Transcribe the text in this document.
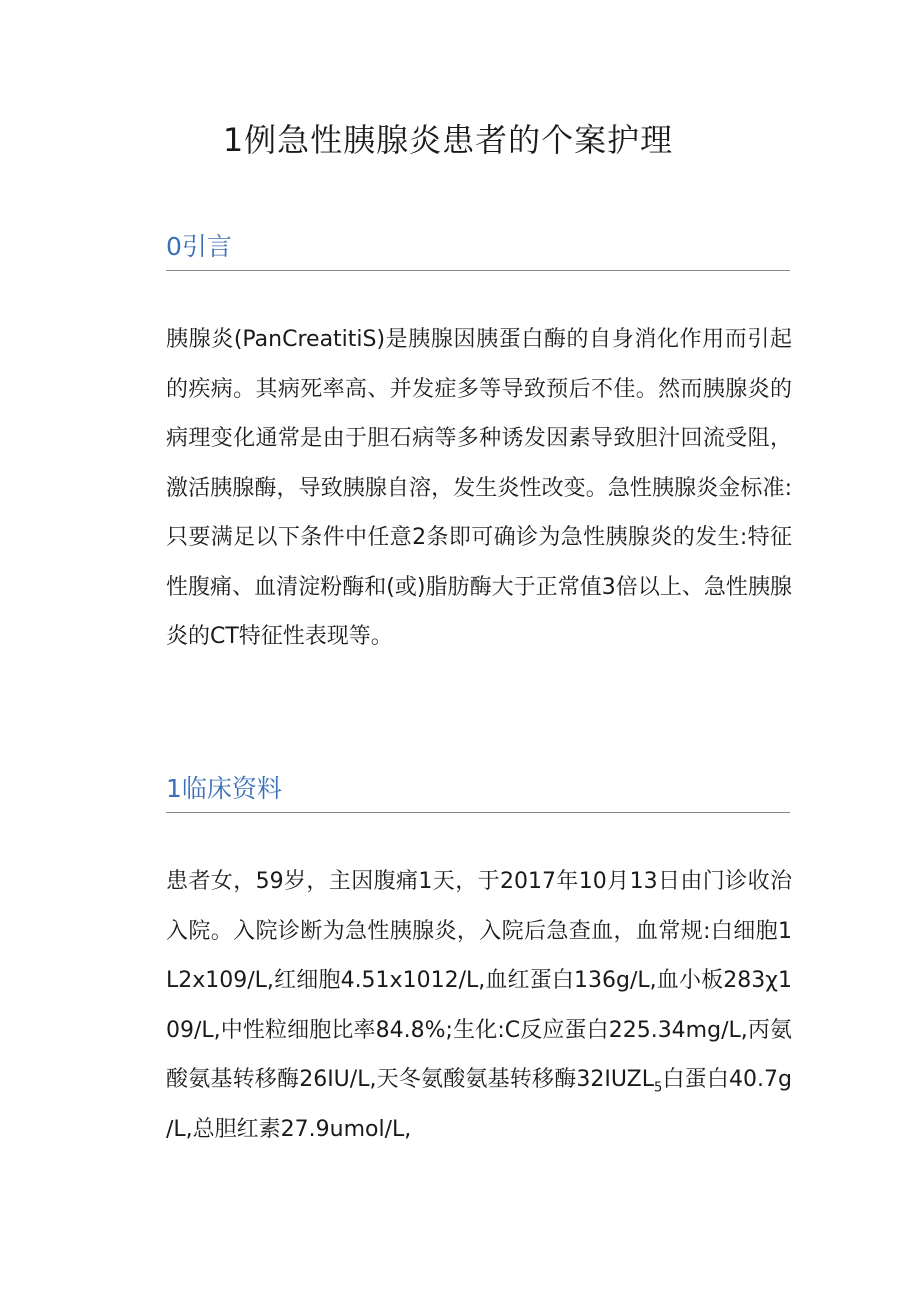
1例急性胰腺炎患者的个案护理
0引言

胰腺炎(PanCreatitiS)是胰腺因胰蛋白酶的自身消化作用而引起的疾病。其病死率高、并发症多等导致预后不佳。然而胰腺炎的病理变化通常是由于胆石病等多种诱发因素导致胆汁回流受阻，激活胰腺酶，导致胰腺自溶，发生炎性改变。急性胰腺炎金标准:只要满足以下条件中任意2条即可确诊为急性胰腺炎的发生:特征性腹痛、血清淀粉酶和(或)脂肪酶大于正常值3倍以上、急性胰腺炎的CT特征性表现等。

1临床资料

患者女，59岁，主因腹痛1天，于2017年10月13日由门诊收治入院。入院诊断为急性胰腺炎，入院后急查血，血常规:白细胞1L2x109∕L,红细胞4.51x1012/L,血红蛋白136g∕L,血小板283χ109∕L,中性粒细胞比率84.8%;生化:C反应蛋白225.34mg∕L,丙氨酸氨基转移酶26IU/L,天冬氨酸氨基转移酶$32IUZL_5$白蛋白40.7g∕L,总胆红素27.9umol∕L,
